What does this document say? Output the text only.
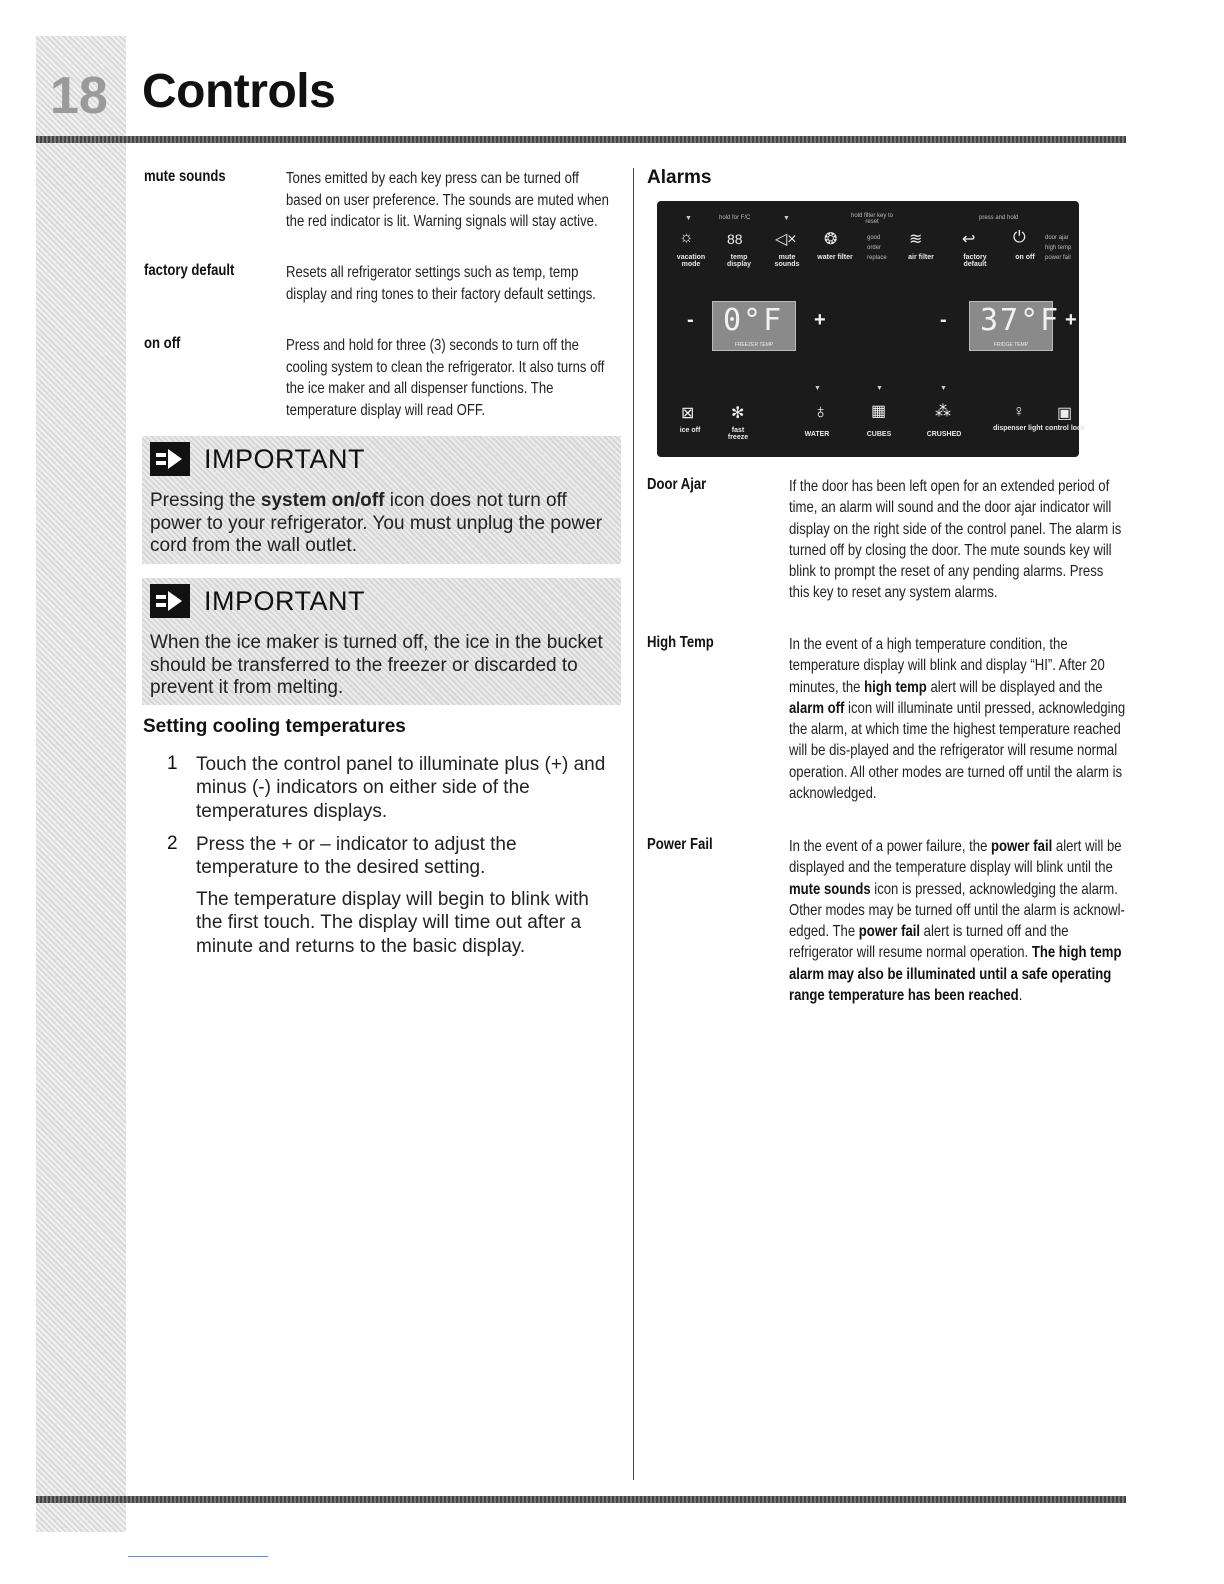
18 Controls
mute sounds	Tones emitted by each key press can be turned off based on user preference. The sounds are muted when the red indicator is lit. Warning signals will stay active.
factory default	Resets all refrigerator settings such as temp, temp display and ring tones to their factory default settings.
on off	Press and hold for three (3) seconds to turn off the cooling system to clean the refrigerator. It also turns off the ice maker and all dispenser functions. The temperature display will read OFF.
IMPORTANT
Pressing the system on/off icon does not turn off power to your refrigerator. You must unplug the power cord from the wall outlet.
IMPORTANT
When the ice maker is turned off, the ice in the bucket should be transferred to the freezer or discarded to prevent it from melting.
Setting cooling temperatures
1 Touch the control panel to illuminate plus (+) and minus (-) indicators on either side of the temperatures displays.
2 Press the + or – indicator to adjust the temperature to the desired setting.
The temperature display will begin to blink with the first touch. The display will time out after a minute and returns to the basic display.
Alarms
▼	hold for F/C	▼	hold filter key to reset
press and hold
☼ 88 ◁× ❂	≋ ↩ ⏻
vacation mode
temp display
mute sounds
water filter	air filter	factory default
on off
good
order
replace
door ajar
high temp
power fail
- 0°F
FREEZER TEMP
+	- 37°F
FRIDGE TEMP
+
▼	▼	▼
⊠ ✻	♁	▦	⁂	♀ ▣
ice off	fast freeze	WATER	CUBES	CRUSHED
dispenser light control lock
Door Ajar	If the door has been left open for an extended period of time, an alarm will sound and the door ajar indicator will display on the right side of the control panel. The alarm is turned off by closing the door. The mute sounds key will blink to prompt the reset of any pending alarms. Press this key to reset any system alarms.
High Temp	In the event of a high temperature condition, the temperature display will blink and display “HI”. After 20 minutes, the high temp alert will be displayed and the alarm off icon will illuminate until pressed, acknowledging the alarm, at which time the highest temperature reached will be dis-played and the refrigerator will resume normal operation. All other modes are turned off until the alarm is acknowledged.
Power Fail	In the event of a power failure, the power fail alert will be displayed and the temperature display will blink until the mute sounds icon is pressed, acknowledging the alarm. Other modes may be turned off until the alarm is acknowl-edged. The power fail alert is turned off and the refrigerator will resume normal operation. The high temp alarm may also be illuminated until a safe operating range temperature has been reached.
